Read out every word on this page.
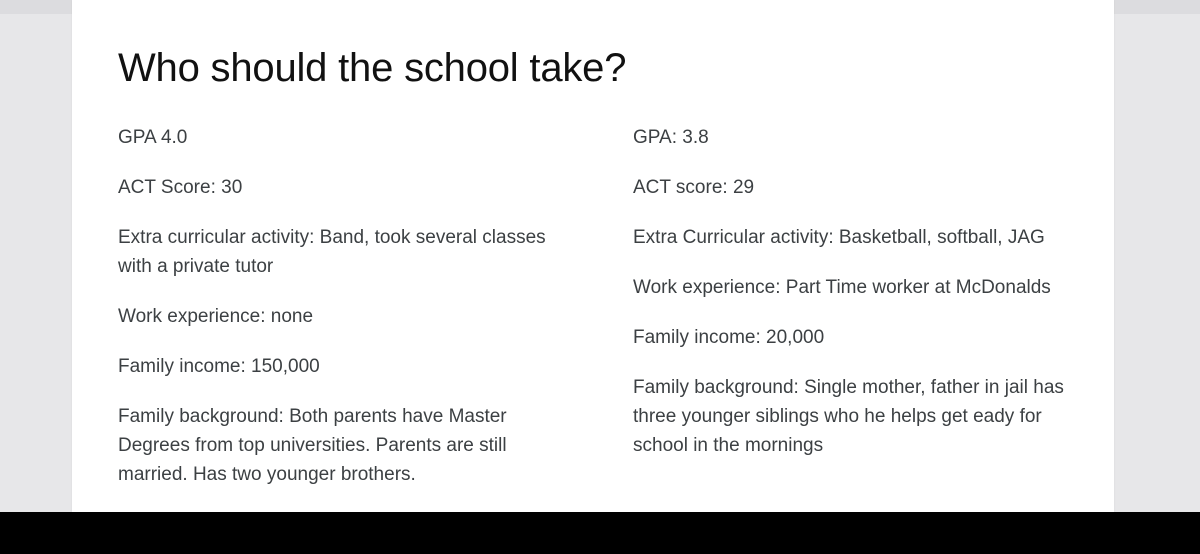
Who should the school take?

GPA 4.0

ACT Score: 30

Extra curricular activity: Band, took several classes with a private tutor

Work experience: none

Family income: 150,000

Family background: Both parents have Master Degrees from top universities. Parents are still married. Has two younger brothers.

GPA: 3.8

ACT score: 29

Extra Curricular activity: Basketball, softball, JAG

Work experience: Part Time worker at McDonalds

Family income: 20,000

Family background: Single mother, father in jail has three younger siblings who he helps get eady for school in the mornings
